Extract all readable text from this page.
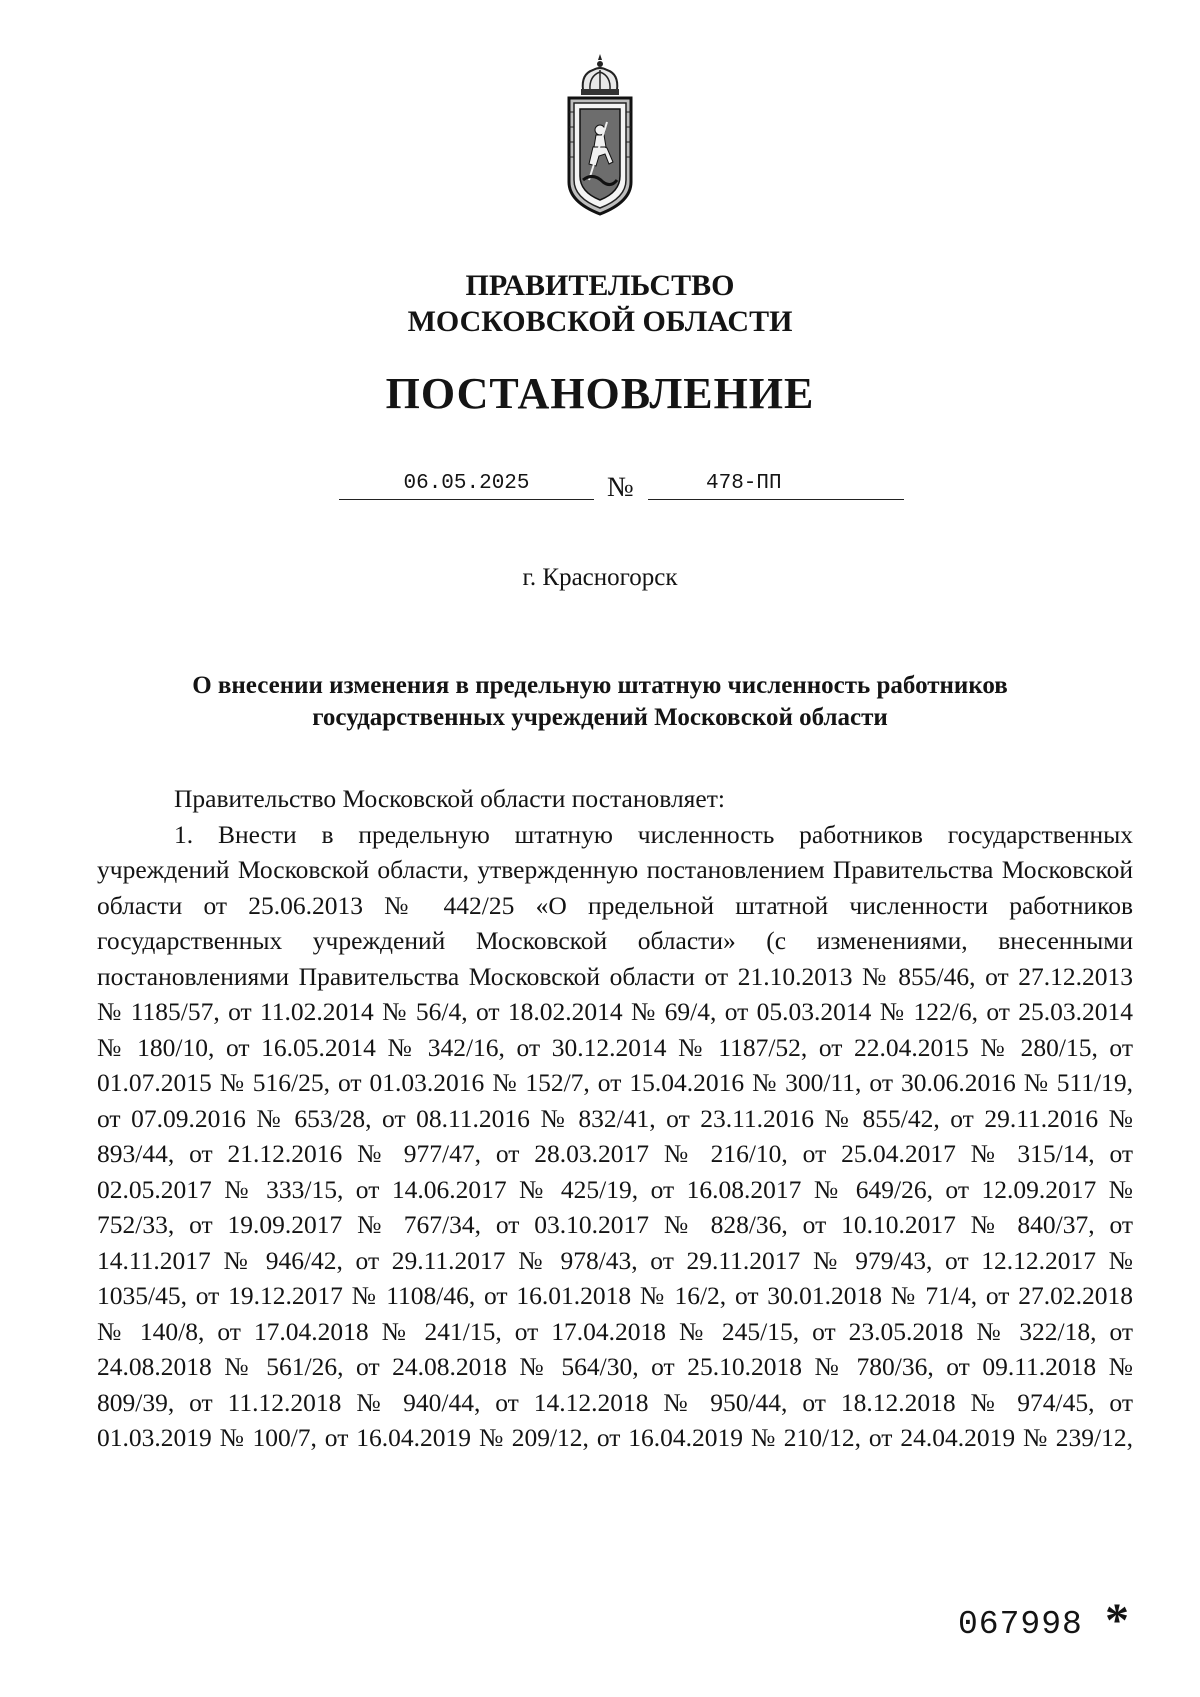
ПРАВИТЕЛЬСТВО
МОСКОВСКОЙ ОБЛАСТИ
ПОСТАНОВЛЕНИЕ
06.05.2025	№	478-ПП
г. Красногорск
О внесении изменения в предельную штатную численность работников
государственных учреждений Московской области

Правительство Московской области постановляет:

1. Внести в предельную штатную численность работников государственных учреждений Московской области, утвержденную постановлением Правительства Московской области от 25.06.2013 № 442/25 «О предельной штатной численности работников государственных учреждений Московской области» (с изменениями, внесенными постановлениями Правительства Московской области от 21.10.2013 № 855/46, от 27.12.2013 № 1185/57, от 11.02.2014 № 56/4, от 18.02.2014 № 69/4, от 05.03.2014 № 122/6, от 25.03.2014 № 180/10, от 16.05.2014 № 342/16, от 30.12.2014 № 1187/52, от 22.04.2015 № 280/15, от 01.07.2015 № 516/25, от 01.03.2016 № 152/7, от 15.04.2016 № 300/11, от 30.06.2016 № 511/19, от 07.09.2016 № 653/28, от 08.11.2016 № 832/41, от 23.11.2016 № 855/42, от 29.11.2016 № 893/44, от 21.12.2016 № 977/47, от 28.03.2017 № 216/10, от 25.04.2017 № 315/14, от 02.05.2017 № 333/15, от 14.06.2017 № 425/19, от 16.08.2017 № 649/26, от 12.09.2017 № 752/33, от 19.09.2017 № 767/34, от 03.10.2017 № 828/36, от 10.10.2017 № 840/37, от 14.11.2017 № 946/42, от 29.11.2017 № 978/43, от 29.11.2017 № 979/43, от 12.12.2017 № 1035/45, от 19.12.2017 № 1108/46, от 16.01.2018 № 16/2, от 30.01.2018 № 71/4, от 27.02.2018 № 140/8, от 17.04.2018 № 241/15, от 17.04.2018 № 245/15, от 23.05.2018 № 322/18, от 24.08.2018 № 561/26, от 24.08.2018 № 564/30, от 25.10.2018 № 780/36, от 09.11.2018 № 809/39, от 11.12.2018 № 940/44, от 14.12.2018 № 950/44, от 18.12.2018 № 974/45, от 01.03.2019 № 100/7, от 16.04.2019 № 209/12, от 16.04.2019 № 210/12, от 24.04.2019 № 239/12,

067998 *
